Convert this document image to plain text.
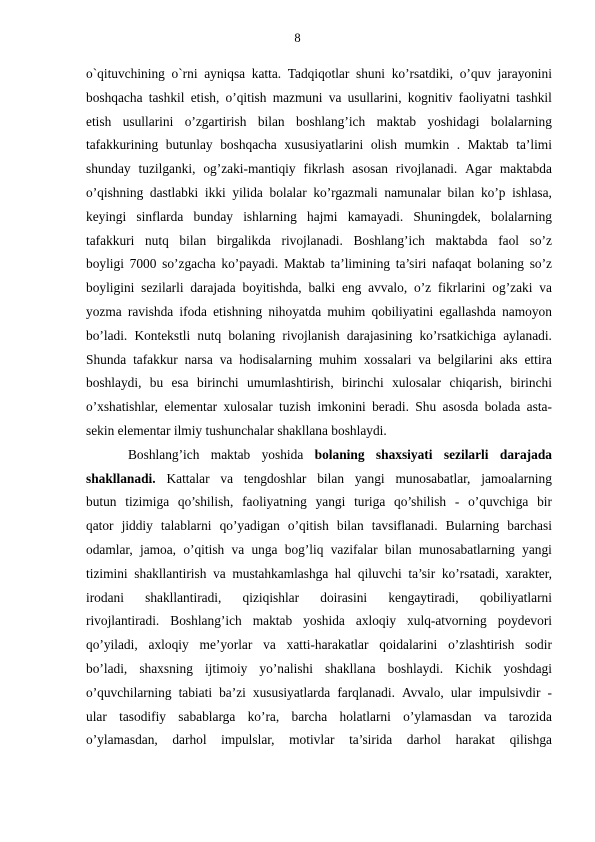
8
o`qituvchining o`rni ayniqsa katta. Tadqiqotlar shuni ko’rsatdiki, o’quv jarayonini
boshqacha tashkil etish, o’qitish mazmuni va usullarini, kognitiv faoliyatni tashkil
etish usullarini o’zgartirish bilan boshlang’ich maktab yoshidagi bolalarning
tafakkurining butunlay boshqacha xususiyatlarini olish mumkin . Maktab ta’limi
shunday tuzilganki, og’zaki-mantiqiy fikrlash asosan rivojlanadi. Agar maktabda
o’qishning dastlabki ikki yilida bolalar ko’rgazmali namunalar bilan ko’p ishlasa,
keyingi sinflarda bunday ishlarning hajmi kamayadi. Shuningdek, bolalarning
tafakkuri nutq bilan birgalikda rivojlanadi. Boshlang’ich maktabda faol so’z
boyligi 7000 so’zgacha ko’payadi. Maktab ta’limining ta’siri nafaqat bolaning so’z
boyligini sezilarli darajada boyitishda, balki eng avvalo, o’z fikrlarini og’zaki va
yozma ravishda ifoda etishning nihoyatda muhim qobiliyatini egallashda namoyon
bo’ladi. Kontekstli nutq bolaning rivojlanish darajasining ko’rsatkichiga aylanadi.
Shunda tafakkur narsa va hodisalarning muhim xossalari va belgilarini aks ettira
boshlaydi, bu esa birinchi umumlashtirish, birinchi xulosalar chiqarish, birinchi
o’xshatishlar, elementar xulosalar tuzish imkonini beradi. Shu asosda bolada asta-
sekin elementar ilmiy tushunchalar shakllana boshlaydi.
Boshlang’ich maktab yoshida bolaning shaxsiyati sezilarli darajada
shakllanadi. Kattalar va tengdoshlar bilan yangi munosabatlar, jamoalarning
butun tizimiga qo’shilish, faoliyatning yangi turiga qo’shilish - o’quvchiga bir
qator jiddiy talablarni qo’yadigan o’qitish bilan tavsiflanadi. Bularning barchasi
odamlar, jamoa, o’qitish va unga bog’liq vazifalar bilan munosabatlarning yangi
tizimini shakllantirish va mustahkamlashga hal qiluvchi ta’sir ko’rsatadi, xarakter,
irodani shakllantiradi, qiziqishlar doirasini kengaytiradi, qobiliyatlarni
rivojlantiradi. Boshlang’ich maktab yoshida axloqiy xulq-atvorning poydevori
qo’yiladi, axloqiy me’yorlar va xatti-harakatlar qoidalarini o’zlashtirish sodir
bo’ladi, shaxsning ijtimoiy yo’nalishi shakllana boshlaydi. Kichik yoshdagi
o’quvchilarning tabiati ba’zi xususiyatlarda farqlanadi. Avvalo, ular impulsivdir -
ular tasodifiy sabablarga ko’ra, barcha holatlarni o’ylamasdan va tarozida
o’ylamasdan, darhol impulslar, motivlar ta’sirida darhol harakat qilishga
